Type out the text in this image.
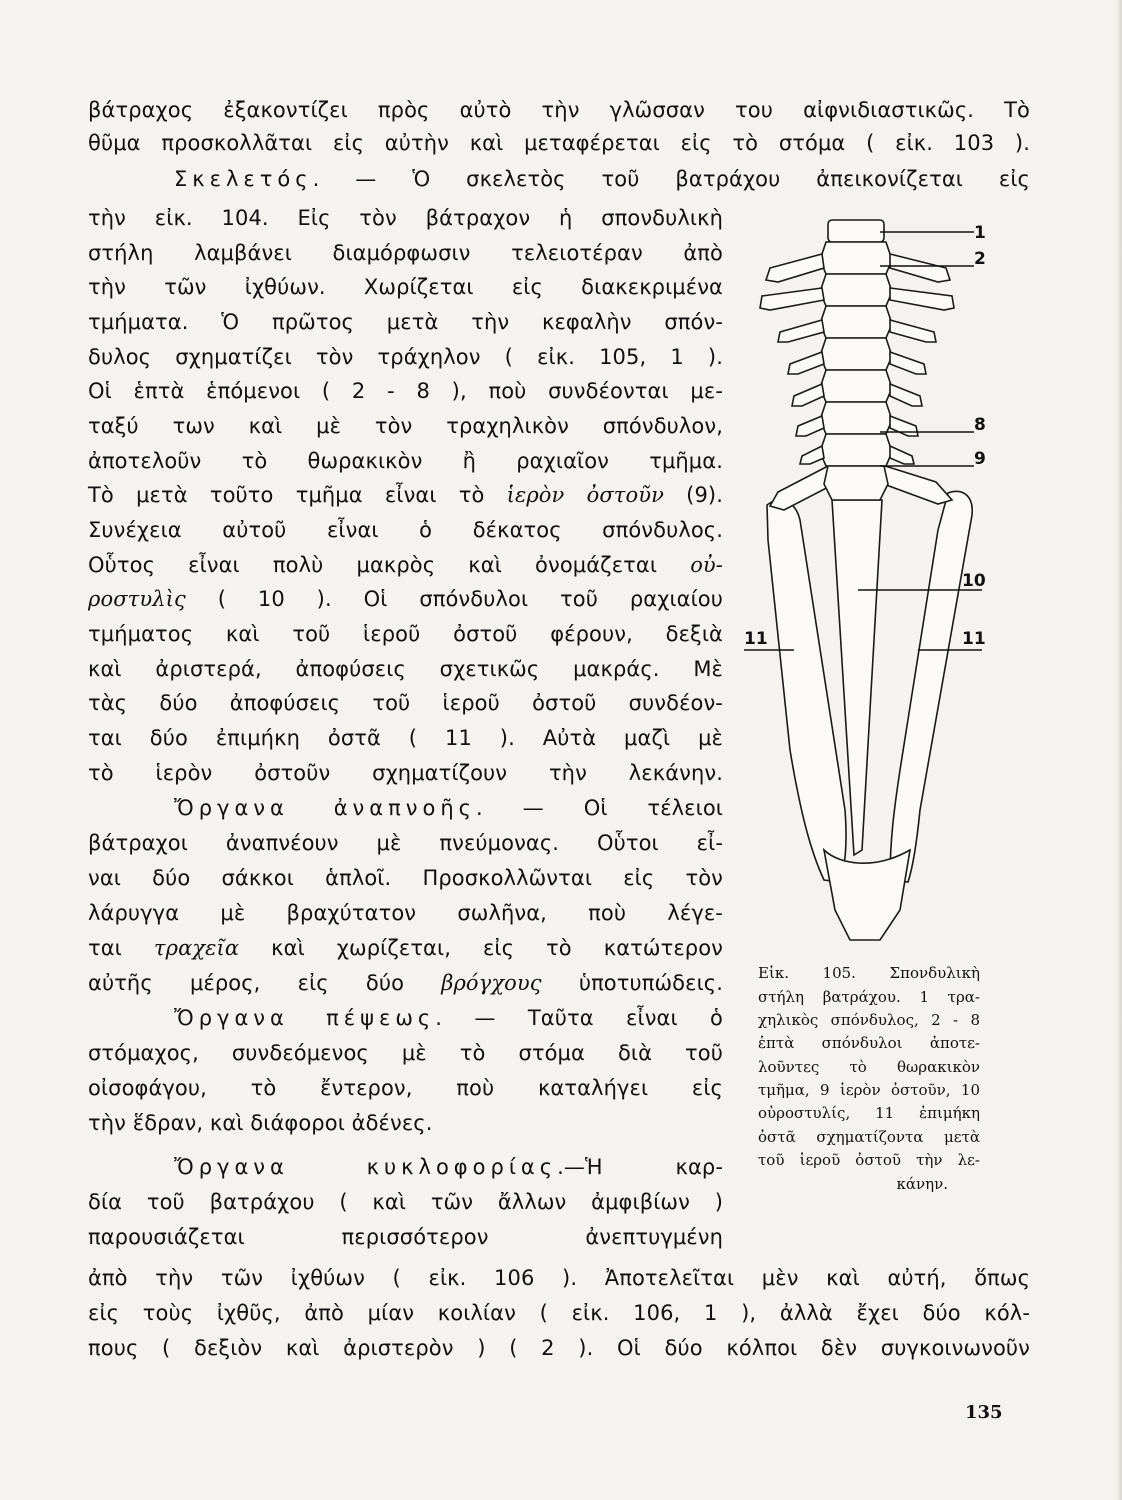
βάτραχος ἐξακοντίζει πρὸς αὐτὸ τὴν γλῶσσαν του αἰφνιδιαστικῶς. Τὸ

θῦμα προσκολλᾶται εἰς αὐτὴν καὶ μεταφέρεται εἰς τὸ στόμα ( εἰκ. 103 ).

Σκελετός. — Ὁ σκελετὸς τοῦ βατράχου ἀπεικονίζεται εἰς

τὴν εἰκ. 104. Εἰς τὸν βάτραχον ἡ σπονδυλικὴ

στήλη λαμβάνει διαμόρφωσιν τελειοτέραν ἀπὸ

τὴν τῶν ἰχθύων. Χωρίζεται εἰς διακεκριμένα

τμήματα. Ὁ πρῶτος μετὰ τὴν κεφαλὴν σπόν-

δυλος σχηματίζει τὸν τράχηλον ( εἰκ. 105, 1 ).

Οἱ ἑπτὰ ἑπόμενοι ( 2 - 8 ), ποὺ συνδέονται με-

ταξύ των καὶ μὲ τὸν τραχηλικὸν σπόνδυλον,

ἀποτελοῦν τὸ θωρακικὸν ἢ ραχιαῖον τμῆμα.

Τὸ μετὰ τοῦτο τμῆμα εἶναι τὸ ἱερὸν ὀστοῦν (9).

Συνέχεια αὐτοῦ εἶναι ὁ δέκατος σπόνδυλος.

Οὗτος εἶναι πολὺ μακρὸς καὶ ὀνομάζεται οὐ-

ροστυλὶς ( 10 ). Οἱ σπόνδυλοι τοῦ ραχιαίου

τμήματος καὶ τοῦ ἱεροῦ ὀστοῦ φέρουν, δεξιὰ

καὶ ἀριστερά, ἀποφύσεις σχετικῶς μακράς. Μὲ

τὰς δύο ἀποφύσεις τοῦ ἱεροῦ ὀστοῦ συνδέον-

ται δύο ἐπιμήκη ὀστᾶ ( 11 ). Αὐτὰ μαζὶ μὲ

τὸ ἱερὸν ὀστοῦν σχηματίζουν τὴν λεκάνην.

Ὄργανα ἀναπνοῆς. — Οἱ τέλειοι

βάτραχοι ἀναπνέουν μὲ πνεύμονας. Οὗτοι εἶ-

ναι δύο σάκκοι ἁπλοῖ. Προσκολλῶνται εἰς τὸν

λάρυγγα μὲ βραχύτατον σωλῆνα, ποὺ λέγε-

ται τραχεῖα καὶ χωρίζεται, εἰς τὸ κατώτερον

αὐτῆς μέρος, εἰς δύο βρόγχους ὑποτυπώδεις.

Ὄργανα πέψεως. — Ταῦτα εἶναι ὁ

στόμαχος, συνδεόμενος μὲ τὸ στόμα διὰ τοῦ

οἰσοφάγου, τὸ ἔντερον, ποὺ καταλήγει εἰς

τὴν ἕδραν, καὶ διάφοροι ἀδένες.

Ὄργανα κυκλοφορίας.—Ἡ καρ-

δία τοῦ βατράχου ( καὶ τῶν ἄλλων ἀμφιβίων )

παρουσιάζεται περισσότερον ἀνεπτυγμένη

ἀπὸ τὴν τῶν ἰχθύων ( εἰκ. 106 ). Ἀποτελεῖται μὲν καὶ αὐτή, ὅπως

εἰς τοὺς ἰχθῦς, ἀπὸ μίαν κοιλίαν ( εἰκ. 106, 1 ), ἀλλὰ ἔχει δύο κόλ-

πους ( δεξιὸν καὶ ἀριστερὸν ) ( 2 ). Οἱ δύο κόλποι δὲν συγκοινωνοῦν

1
2
8
9
10
11	11

Εἰκ. 105. Σπονδυλικὴ

στήλη βατράχου. 1 τρα-

χηλικὸς σπόνδυλος, 2 - 8

ἑπτὰ σπόνδυλοι ἀποτε-

λοῦντες τὸ θωρακικὸν

τμῆμα, 9 ἱερὸν ὀστοῦν, 10

οὐροστυλίς, 11 ἐπιμήκη

ὀστᾶ σχηματίζοντα μετὰ

τοῦ ἱεροῦ ὀστοῦ τὴν λε-

κάνην.

135
